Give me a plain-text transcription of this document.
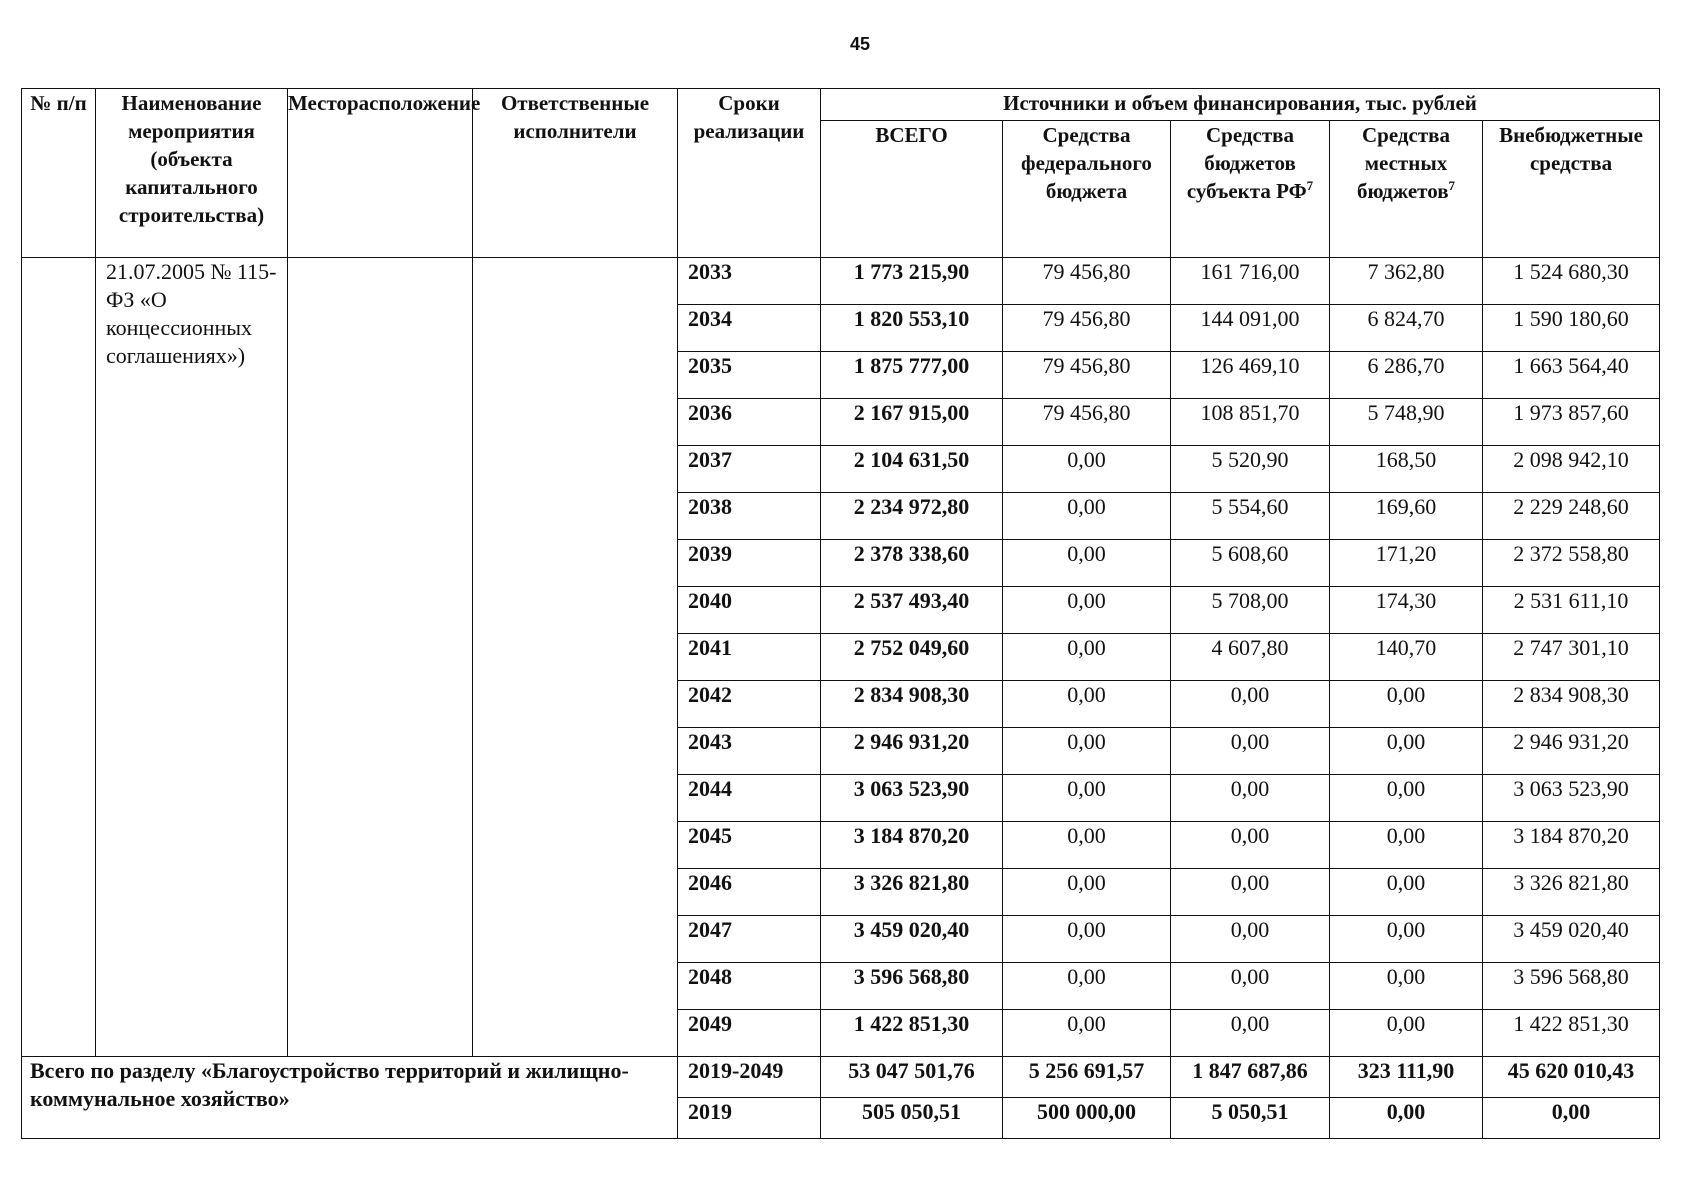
45
№ п/п	Наименование мероприятия (объекта капитального строительства)	Месторасположение	Ответственные исполнители	Сроки реализации	Источники и объем финансирования, тыс. рублей				
					ВСЕГО	Средства федерального бюджета	Средства бюджетов субъекта $РФ^7$	Средства местных бюджетов$^7$	Внебюджетные средства
	21.07.2005 № 115-ФЗ «О концессионных соглашениях»)			2033	1 773 215,90	79 456,80	161 716,00	7 362,80	1 524 680,30
				2034	1 820 553,10	79 456,80	144 091,00	6 824,70	1 590 180,60
				2035	1 875 777,00	79 456,80	126 469,10	6 286,70	1 663 564,40
				2036	2 167 915,00	79 456,80	108 851,70	5 748,90	1 973 857,60
				2037	2 104 631,50	0,00	5 520,90	168,50	2 098 942,10
				2038	2 234 972,80	0,00	5 554,60	169,60	2 229 248,60
				2039	2 378 338,60	0,00	5 608,60	171,20	2 372 558,80
				2040	2 537 493,40	0,00	5 708,00	174,30	2 531 611,10
				2041	2 752 049,60	0,00	4 607,80	140,70	2 747 301,10
				2042	2 834 908,30	0,00	0,00	0,00	2 834 908,30
				2043	2 946 931,20	0,00	0,00	0,00	2 946 931,20
				2044	3 063 523,90	0,00	0,00	0,00	3 063 523,90
				2045	3 184 870,20	0,00	0,00	0,00	3 184 870,20
				2046	3 326 821,80	0,00	0,00	0,00	3 326 821,80
				2047	3 459 020,40	0,00	0,00	0,00	3 459 020,40
				2048	3 596 568,80	0,00	0,00	0,00	3 596 568,80
				2049	1 422 851,30	0,00	0,00	0,00	1 422 851,30
Всего по разделу «Благоустройство территорий и жилищно-коммунальное хозяйство»				2019-2049	53 047 501,76	5 256 691,57	1 847 687,86	323 111,90	45 620 010,43
				2019	505 050,51	500 000,00	5 050,51	0,00	0,00
